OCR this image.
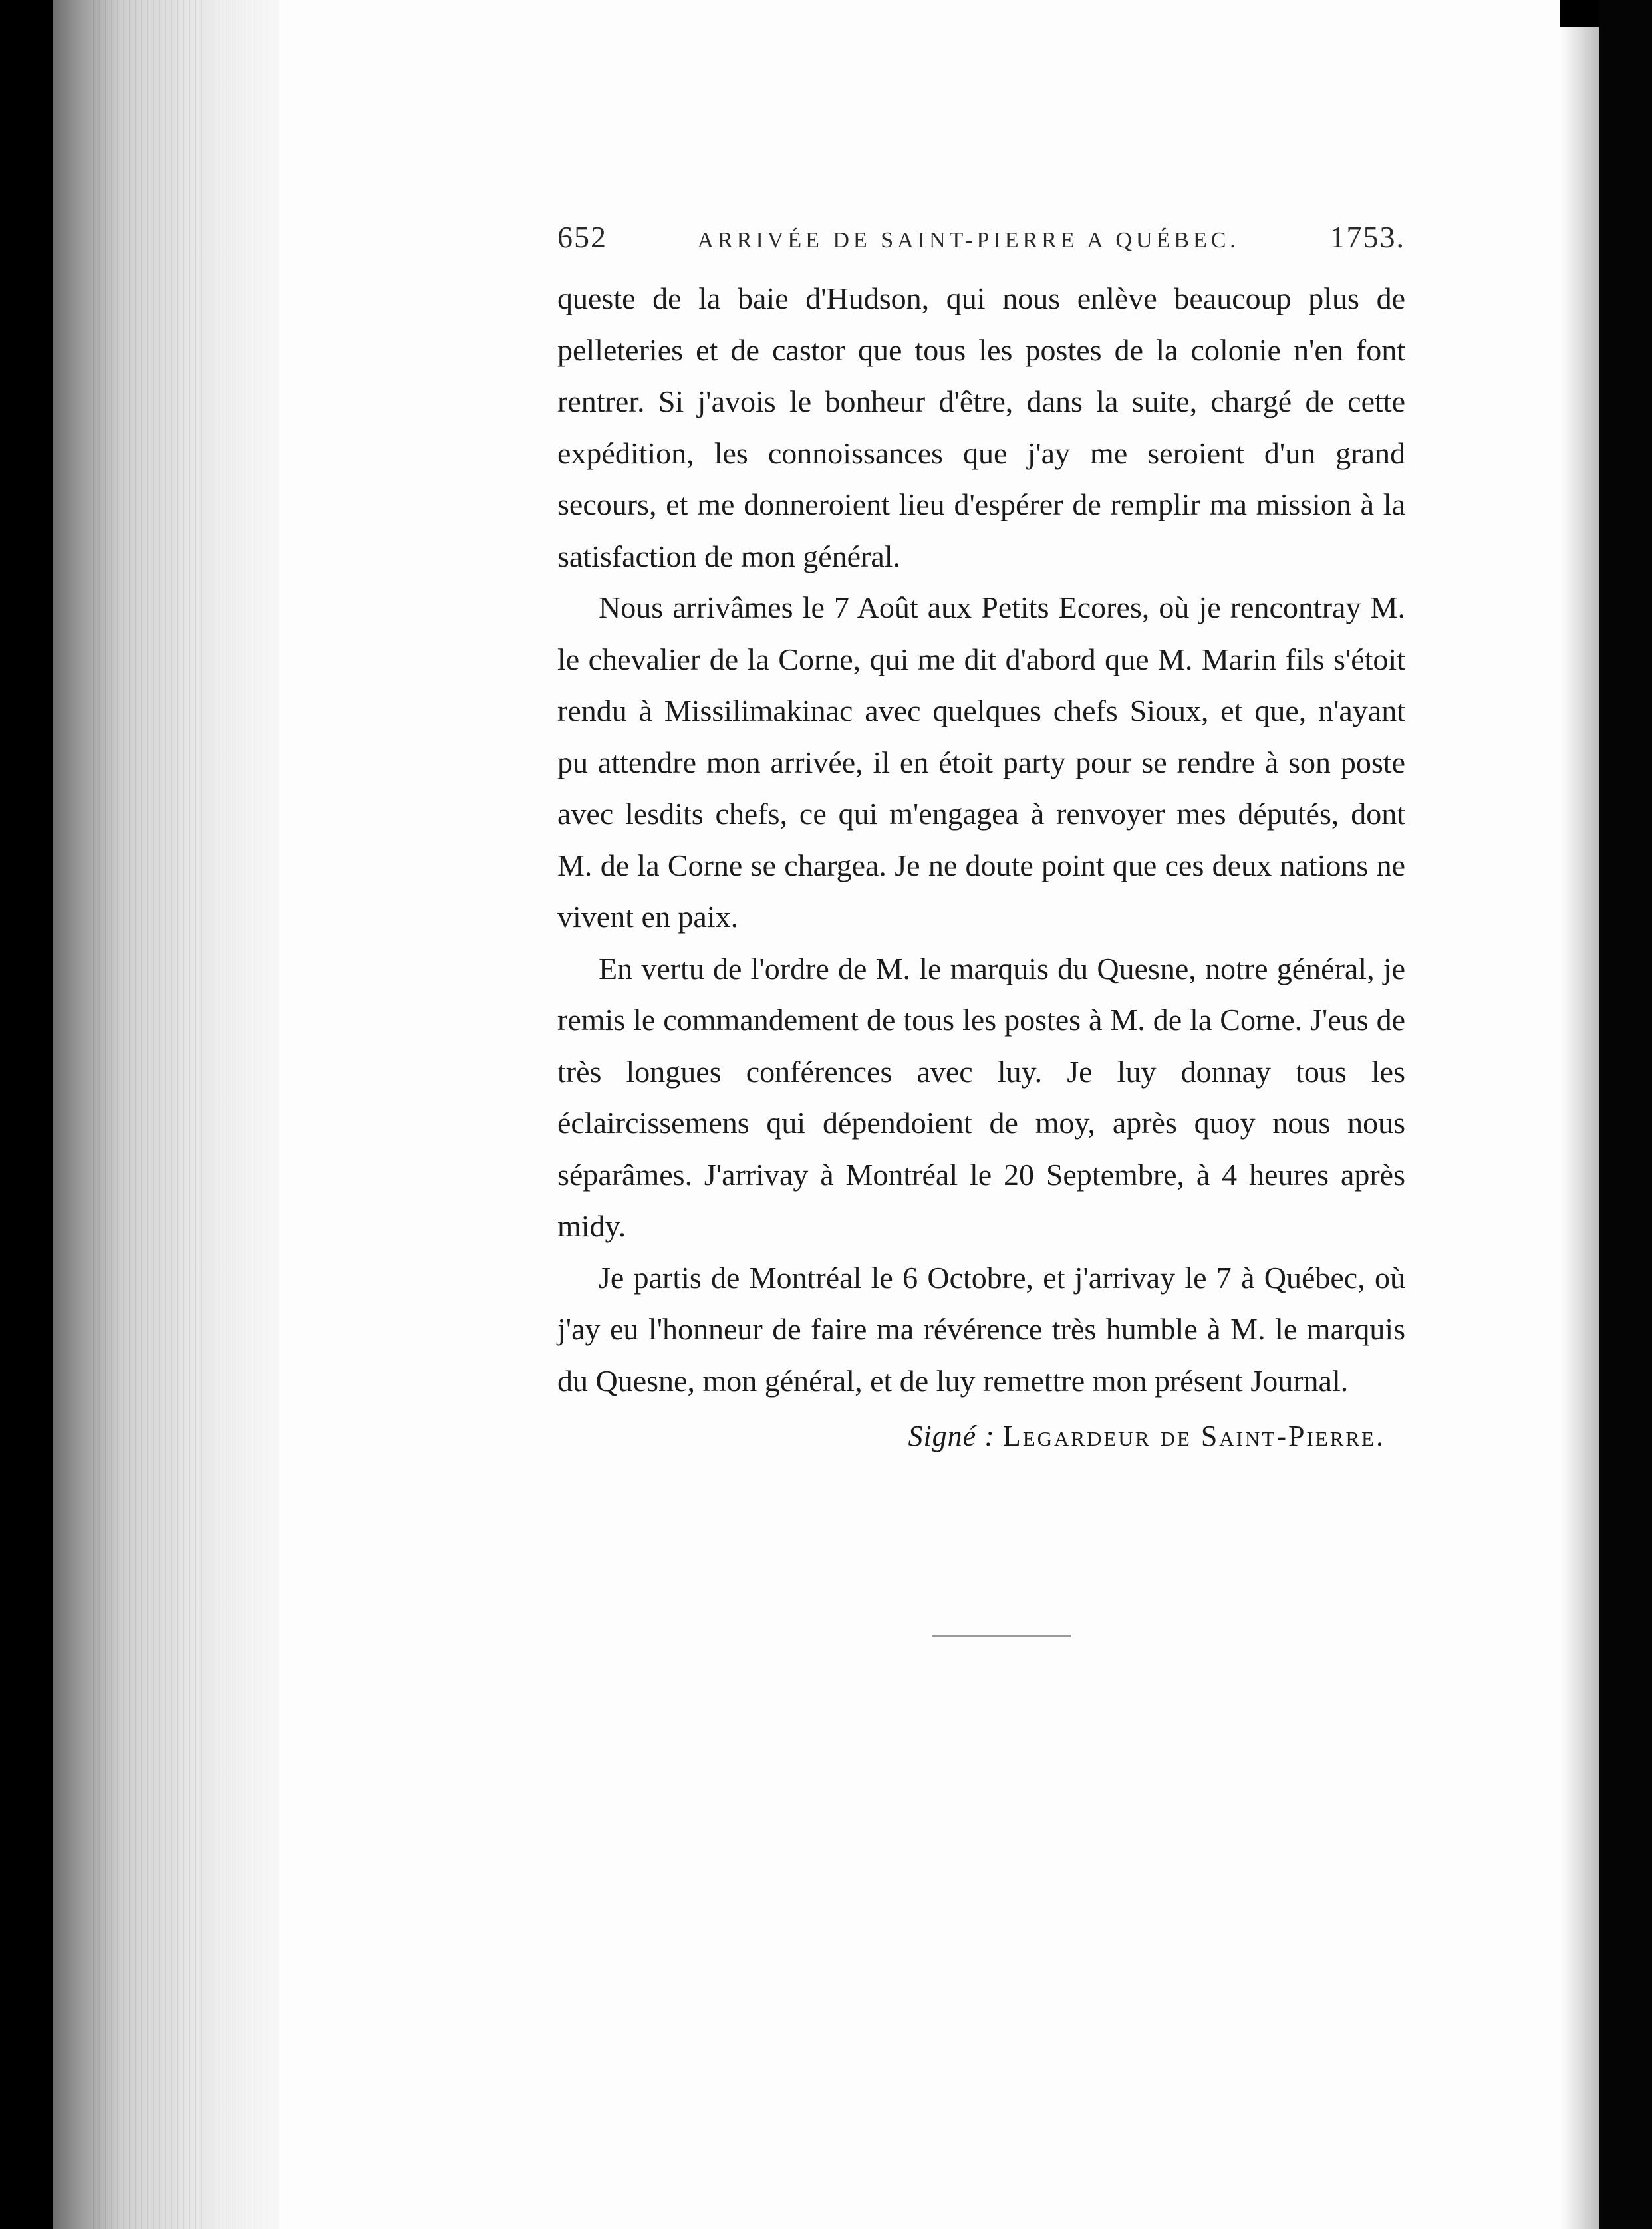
652	ARRIVÉE DE SAINT-PIERRE A QUÉBEC.	1753.

queste de la baie d'Hudson, qui nous enlève beaucoup plus de pelleteries et de castor que tous les postes de la colonie n'en font rentrer. Si j'avois le bonheur d'être, dans la suite, chargé de cette expédition, les connoissances que j'ay me seroient d'un grand secours, et me donneroient lieu d'espérer de remplir ma mission à la satisfaction de mon général.

Nous arrivâmes le 7 Août aux Petits Ecores, où je rencontray M. le chevalier de la Corne, qui me dit d'abord que M. Marin fils s'étoit rendu à Missilimakinac avec quelques chefs Sioux, et que, n'ayant pu attendre mon arrivée, il en étoit party pour se rendre à son poste avec lesdits chefs, ce qui m'engagea à renvoyer mes députés, dont M. de la Corne se chargea. Je ne doute point que ces deux nations ne vivent en paix.

En vertu de l'ordre de M. le marquis du Quesne, notre général, je remis le commandement de tous les postes à M. de la Corne. J'eus de très longues conférences avec luy. Je luy donnay tous les éclaircissemens qui dépendoient de moy, après quoy nous nous séparâmes. J'arrivay à Montréal le 20 Septembre, à 4 heures après midy.

Je partis de Montréal le 6 Octobre, et j'arrivay le 7 à Québec, où j'ay eu l'honneur de faire ma révérence très humble à M. le marquis du Quesne, mon général, et de luy remettre mon présent Journal.

Signé : Legardeur de Saint-Pierre.
